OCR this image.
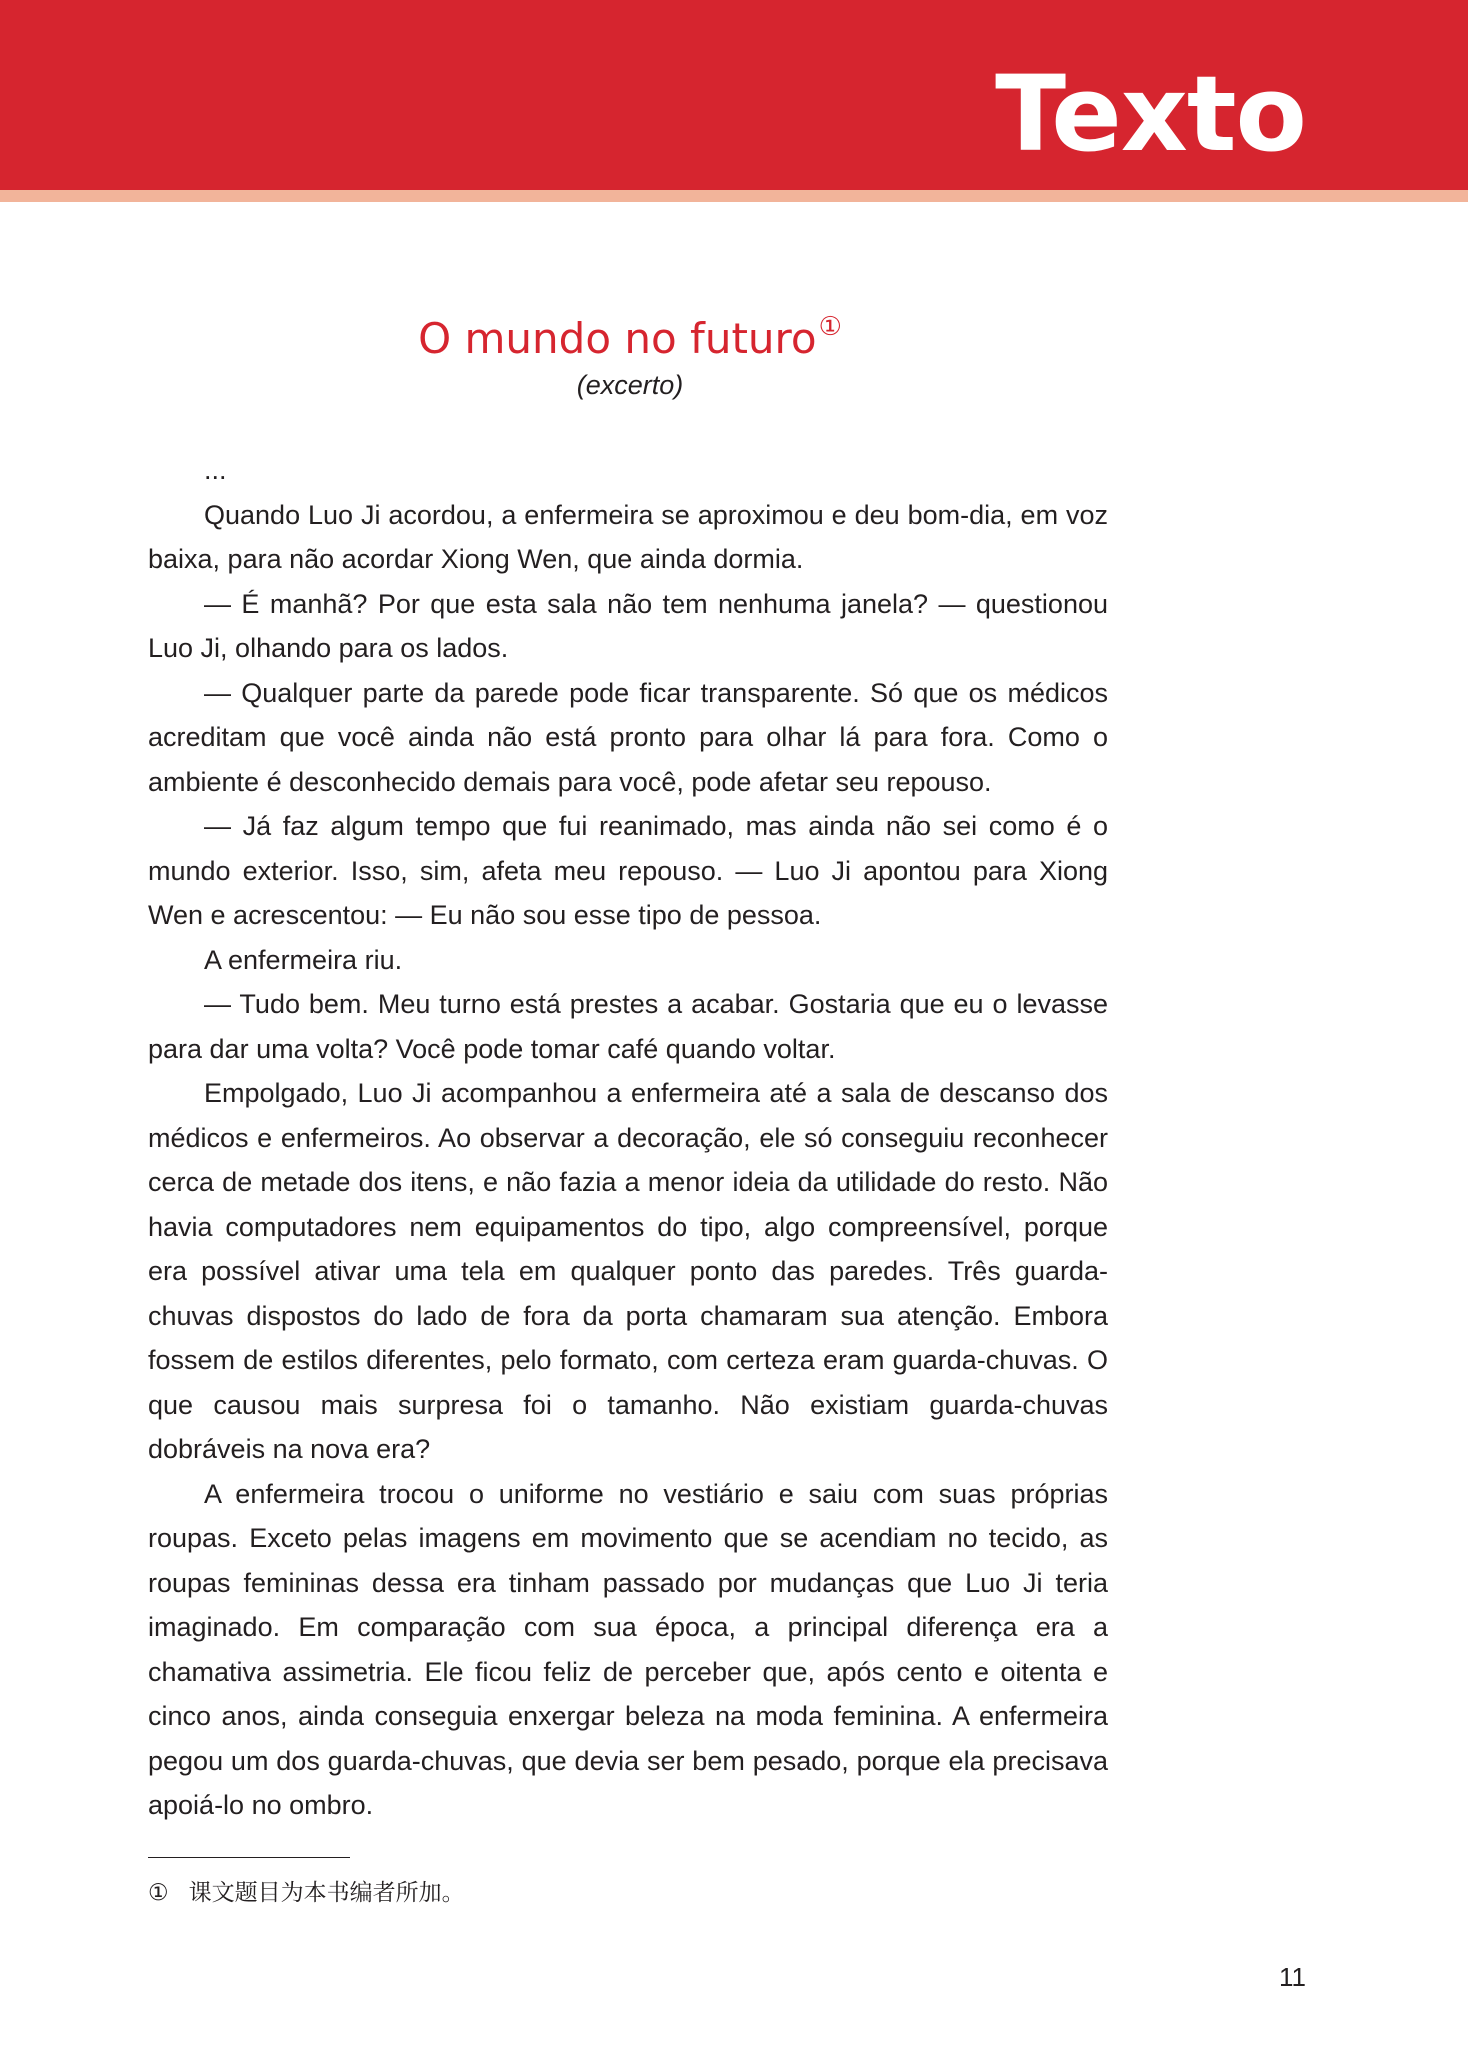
Texto
O mundo no futuro①
(excerto)

...

Quando Luo Ji acordou, a enfermeira se aproximou e deu bom-dia, em voz baixa, para não acordar Xiong Wen, que ainda dormia.

— É manhã? Por que esta sala não tem nenhuma janela? — questionou Luo Ji, olhando para os lados.

— Qualquer parte da parede pode ficar transparente. Só que os médicos acreditam que você ainda não está pronto para olhar lá para fora. Como o ambiente é desconhecido demais para você, pode afetar seu repouso.

— Já faz algum tempo que fui reanimado, mas ainda não sei como é o mundo exterior. Isso, sim, afeta meu repouso. — Luo Ji apontou para Xiong Wen e acrescentou: — Eu não sou esse tipo de pessoa.

A enfermeira riu.

— Tudo bem. Meu turno está prestes a acabar. Gostaria que eu o levasse para dar uma volta? Você pode tomar café quando voltar.

Empolgado, Luo Ji acompanhou a enfermeira até a sala de descanso dos médicos e enfermeiros. Ao observar a decoração, ele só conseguiu reconhecer cerca de metade dos itens, e não fazia a menor ideia da utilidade do resto. Não havia computadores nem equipamentos do tipo, algo compreensível, porque era possível ativar uma tela em qualquer ponto das paredes. Três guarda-chuvas dispostos do lado de fora da porta chamaram sua atenção. Embora fossem de estilos diferentes, pelo formato, com certeza eram guarda-chuvas. O que causou mais surpresa foi o tamanho. Não existiam guarda-chuvas dobráveis na nova era?

A enfermeira trocou o uniforme no vestiário e saiu com suas próprias roupas. Exceto pelas imagens em movimento que se acendiam no tecido, as roupas femininas dessa era tinham passado por mudanças que Luo Ji teria imaginado. Em comparação com sua época, a principal diferença era a chamativa assimetria. Ele ficou feliz de perceber que, após cento e oitenta e cinco anos, ainda conseguia enxergar beleza na moda feminina. A enfermeira pegou um dos guarda-chuvas, que devia ser bem pesado, porque ela precisava apoiá-lo no ombro.

① 课文题目为本书编者所加。
11
